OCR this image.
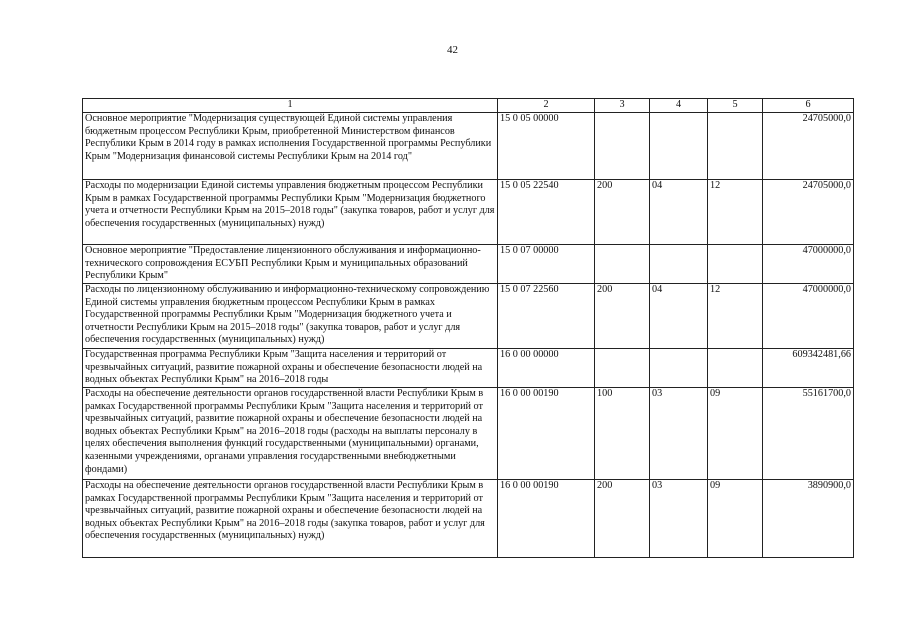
42
1	2	3	4	5	6
Основное мероприятие "Модернизация существующей Единой системы управления бюджетным процессом Республики Крым, приобретенной Министерством финансов Республики Крым в 2014 году в рамках исполнения Государственной программы Республики Крым "Модернизация финансовой системы Республики Крым на 2014 год"	15 0 05 00000				24705000,0
Расходы по модернизации Единой системы управления бюджетным процессом Республики Крым в рамках Государственной программы Республики Крым "Модернизация бюджетного учета и отчетности Республики Крым на 2015–2018 годы" (закупка товаров, работ и услуг для обеспечения государственных (муниципальных) нужд)	15 0 05 22540	200	04	12	24705000,0
Основное мероприятие "Предоставление лицензионного обслуживания и информационно-технического сопровождения ЕСУБП Республики Крым и муниципальных образований Республики Крым"	15 0 07 00000				47000000,0
Расходы по лицензионному обслуживанию и информационно-техническому сопровождению Единой системы управления бюджетным процессом Республики Крым в рамках Государственной программы Республики Крым "Модернизация бюджетного учета и отчетности Республики Крым на 2015–2018 годы" (закупка товаров, работ и услуг для обеспечения государственных (муниципальных) нужд)	15 0 07 22560	200	04	12	47000000,0
Государственная программа Республики Крым "Защита населения и территорий от чрезвычайных ситуаций, развитие пожарной охраны и обеспечение безопасности людей на водных объектах Республики Крым" на 2016–2018 годы	16 0 00 00000				609342481,66
Расходы на обеспечение деятельности органов государственной власти Республики Крым в рамках Государственной программы Республики Крым "Защита населения и территорий от чрезвычайных ситуаций, развитие пожарной охраны и обеспечение безопасности людей на водных объектах Республики Крым" на 2016–2018 годы (расходы на выплаты персоналу в целях обеспечения выполнения функций государственными (муниципальными) органами, казенными учреждениями, органами управления государственными внебюджетными фондами)	16 0 00 00190	100	03	09	55161700,0
Расходы на обеспечение деятельности органов государственной власти Республики Крым в рамках Государственной программы Республики Крым "Защита населения и территорий от чрезвычайных ситуаций, развитие пожарной охраны и обеспечение безопасности людей на водных объектах Республики Крым" на 2016–2018 годы (закупка товаров, работ и услуг для обеспечения государственных (муниципальных) нужд)	16 0 00 00190	200	03	09	3890900,0
